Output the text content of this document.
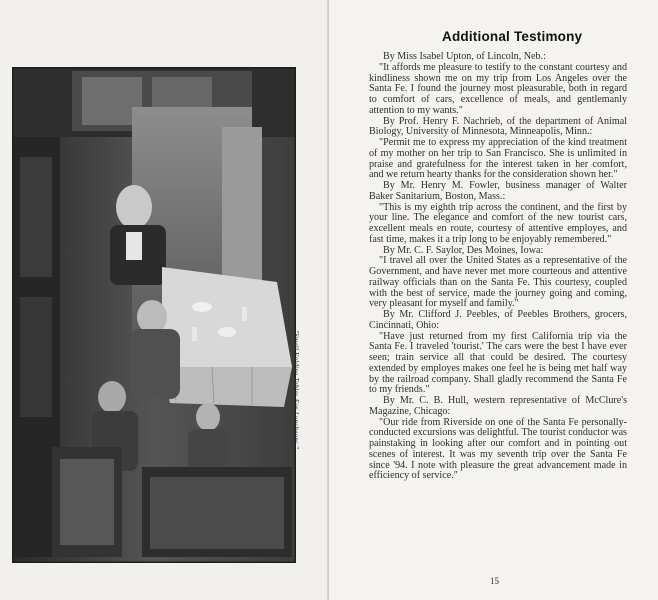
"Small Folding Tables For Luncheons."
Additional Testimony

By Miss Isabel Upton, of Lincoln, Neb.:

"It affords me pleasure to testify to the constant courtesy and kindliness shown me on my trip from Los Angeles over the Santa Fe. I found the journey most pleasurable, both in regard to comfort of cars, excellence of meals, and gentlemanly attention to my wants."

By Prof. Henry F. Nachrieb, of the department of Animal Biology, University of Minnesota, Minneapolis, Minn.:

"Permit me to express my appreciation of the kind treatment of my mother on her trip to San Francisco. She is unlimited in praise and gratefulness for the interest taken in her comfort, and we return hearty thanks for the consideration shown her."

By Mr. Henry M. Fowler, business manager of Walter Baker Sanitarium, Boston, Mass.:

"This is my eighth trip across the continent, and the first by your line. The elegance and comfort of the new tourist cars, excellent meals en route, courtesy of attentive employes, and fast time, makes it a trip long to be enjoyably remembered."

By Mr. C. F. Saylor, Des Moines, Iowa:

"I travel all over the United States as a representative of the Government, and have never met more courteous and attentive railway officials than on the Santa Fe. This courtesy, coupled with the best of service, made the journey going and coming, very pleasant for myself and family."

By Mr. Clifford J. Peebles, of Peebles Brothers, grocers, Cincinnati, Ohio:

"Have just returned from my first California trip via the Santa Fe. I traveled 'tourist.' The cars were the best I have ever seen; train service all that could be desired. The courtesy extended by employes makes one feel he is being met half way by the railroad company. Shall gladly recommend the Santa Fe to my friends."

By Mr. C. B. Hull, western representative of McClure's Magazine, Chicago:

"Our ride from Riverside on one of the Santa Fe personally-conducted excursions was delightful. The tourist conductor was painstaking in looking after our comfort and in pointing out scenes of interest. It was my seventh trip over the Santa Fe since '94. I note with pleasure the great advancement made in efficiency of service."

15
